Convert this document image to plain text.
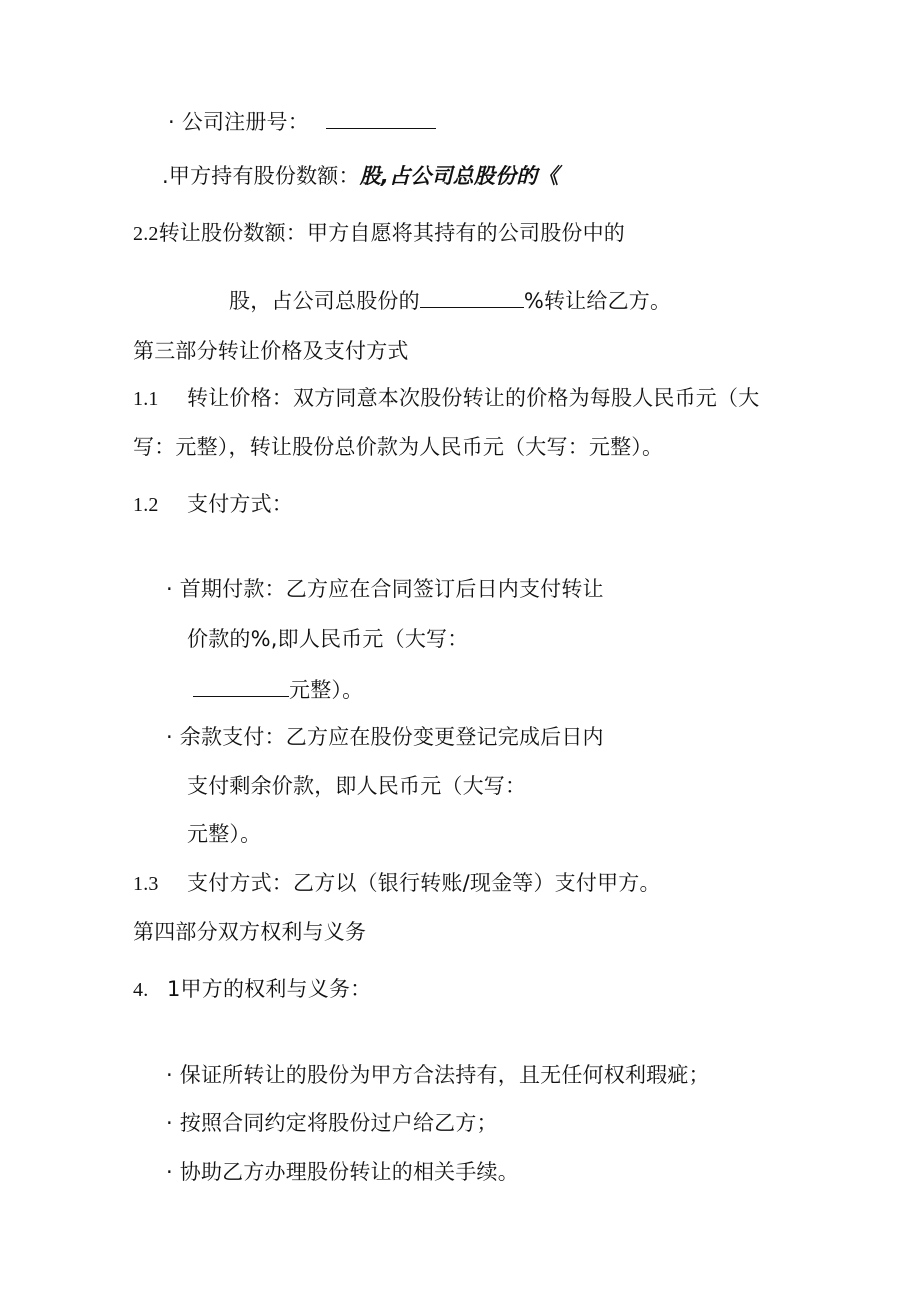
· 公司注册号：
.甲方持有股份数额：股,占公司总股份的《
2.2转让股份数额：甲方自愿将其持有的公司股份中的
股，占公司总股份的	%转让给乙方。
第三部分转让价格及支付方式
1.1 转让价格：双方同意本次股份转让的价格为每股人民币元（大
写：元整），转让股份总价款为人民币元（大写：元整）。
1.2 支付方式：
· 首期付款：乙方应在合同签订后日内支付转让
价款的%,即人民币元（大写：
元整）。
· 余款支付：乙方应在股份变更登记完成后日内
支付剩余价款，即人民币元（大写：
元整）。
1.3 支付方式：乙方以（银行转账/现金等）支付甲方。
第四部分双方权利与义务
4. 1甲方的权利与义务：
· 保证所转让的股份为甲方合法持有，且无任何权利瑕疵；
· 按照合同约定将股份过户给乙方；
· 协助乙方办理股份转让的相关手续。
